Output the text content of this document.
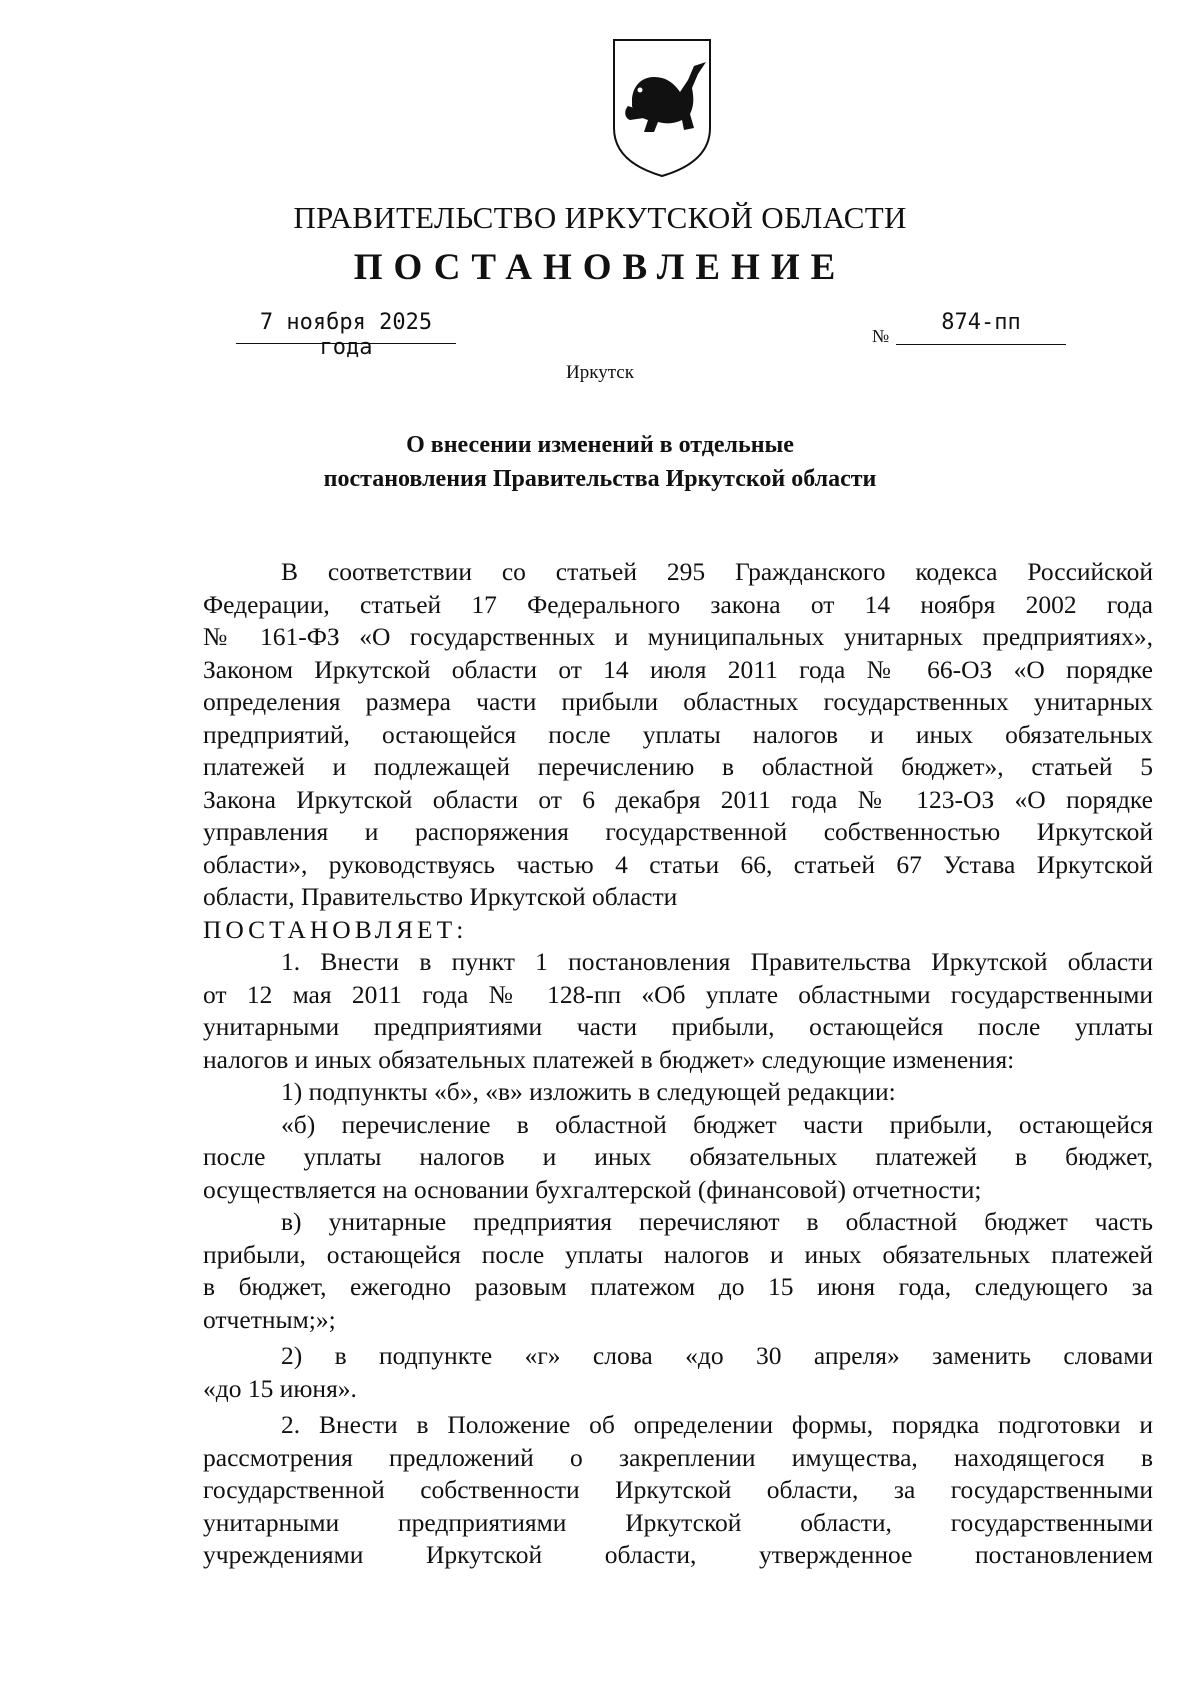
ПРАВИТЕЛЬСТВО ИРКУТСКОЙ ОБЛАСТИ
ПОСТАНОВЛЕНИЕ
7 ноября 2025 года	№
874-пп
Иркутск
О внесении изменений в отдельные
постановления Правительства Иркутской области

В соответствии со статьей 295 Гражданского кодекса Российской

Федерации, статьей 17 Федерального закона от 14 ноября 2002 года

№ 161-ФЗ «О государственных и муниципальных унитарных предприятиях»,

Законом Иркутской области от 14 июля 2011 года № 66-ОЗ «О порядке

определения размера части прибыли областных государственных унитарных

предприятий, остающейся после уплаты налогов и иных обязательных

платежей и подлежащей перечислению в областной бюджет», статьей 5

Закона Иркутской области от 6 декабря 2011 года № 123-ОЗ «О порядке

управления и распоряжения государственной собственностью Иркутской

области», руководствуясь частью 4 статьи 66, статьей 67 Устава Иркутской

области, Правительство Иркутской области

ПОСТАНОВЛЯЕТ:

1. Внести в пункт 1 постановления Правительства Иркутской области

от 12 мая 2011 года № 128-пп «Об уплате областными государственными

унитарными предприятиями части прибыли, остающейся после уплаты

налогов и иных обязательных платежей в бюджет» следующие изменения:

1) подпункты «б», «в» изложить в следующей редакции:

«б) перечисление в областной бюджет части прибыли, остающейся

после уплаты налогов и иных обязательных платежей в бюджет,

осуществляется на основании бухгалтерской (финансовой) отчетности;

в) унитарные предприятия перечисляют в областной бюджет часть

прибыли, остающейся после уплаты налогов и иных обязательных платежей

в бюджет, ежегодно разовым платежом до 15 июня года, следующего за

отчетным;»;

2) в подпункте «г» слова «до 30 апреля» заменить словами

«до 15 июня».

2. Внести в Положение об определении формы, порядка подготовки и

рассмотрения предложений о закреплении имущества, находящегося в

государственной собственности Иркутской области, за государственными

унитарными предприятиями Иркутской области, государственными

учреждениями Иркутской области, утвержденное постановлением
